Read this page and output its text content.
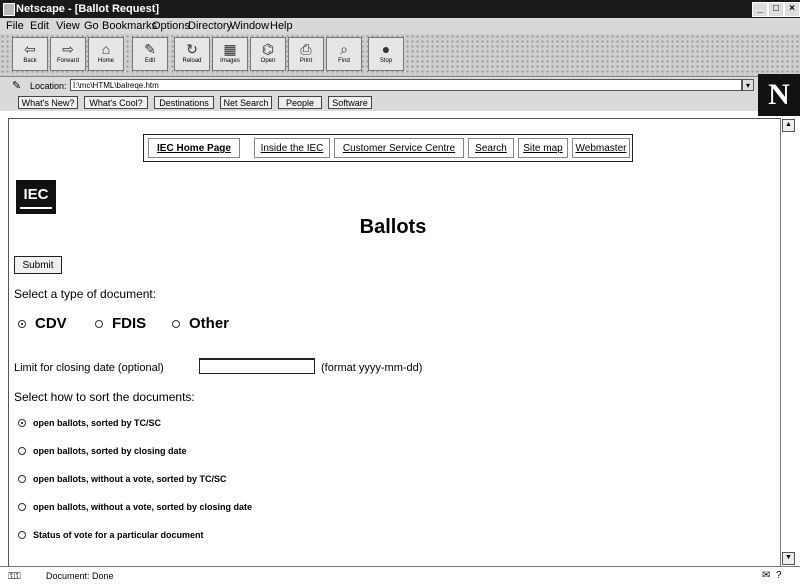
Netscape - [Ballot Request]	_	□	×
File Edit View Go Bookmarks
Options
Directory
Window Help
⇦
Back
⇨
Forward
⌂
Home
✎
Edit
↻
Reload
▦
Images
⌬
Open
⎙
Print
⌕
Find
●
Stop
✎ Location: I:\mc\HTML\balreqe.htm	▾
What's New?	What's Cool?	Destinations	Net Search	People	Software	N
▲
▼
IEC Home Page	Inside the IEC	Customer Service Centre	Search	Site map	Webmaster
IEC
Ballots
Submit
Select a type of document:
CDV	FDIS	Other
Limit for closing date (optional)	(format yyyy-mm-dd)
Select how to sort the documents:
open ballots, sorted by TC/SC
open ballots, sorted by closing date
open ballots, without a vote, sorted by TC/SC
open ballots, without a vote, sorted by closing date
Status of vote for a particular document
⚿⚿	Document: Done	✉ ?
